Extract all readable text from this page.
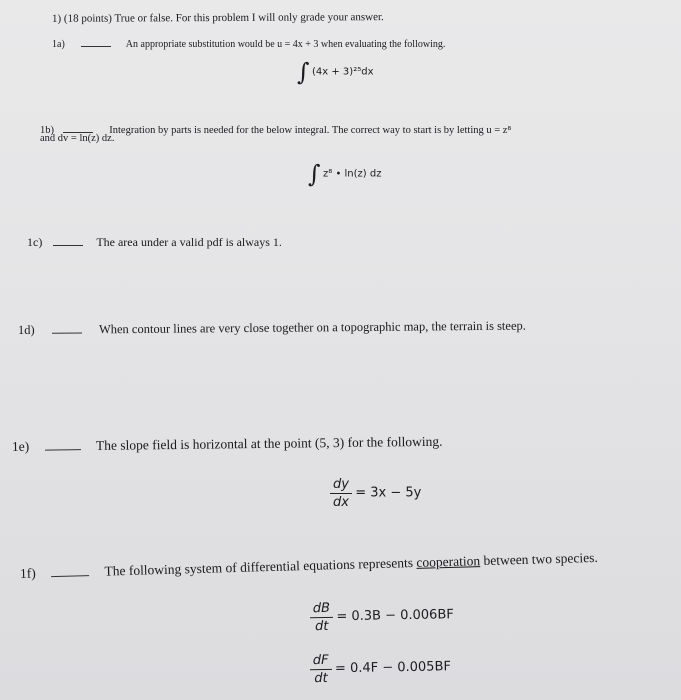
1) (18 points) True or false. For this problem I will only grade your answer.
1a)	An appropriate substitution would be u = 4x + 3 when evaluating the following.
∫ (4x + 3)²⁵dx
1b)	Integration by parts is needed for the below integral. The correct way to start is by letting u = z⁸
and dv = ln(z) dz.
∫ z⁸ • ln(z) dz
1c)	The area under a valid pdf is always 1.
1d)	When contour lines are very close together on a topographic map, the terrain is steep.
1e)	The slope field is horizontal at the point (5, 3) for the following.
$\frac{dy}{dx} = 3x - 5y$
1f)	The following system of differential equations represents cooperation between two species.
$\frac{dB}{dt} = 0.3B - 0.006BF$
$\frac{dF}{dt} = 0.4F - 0.005BF$
